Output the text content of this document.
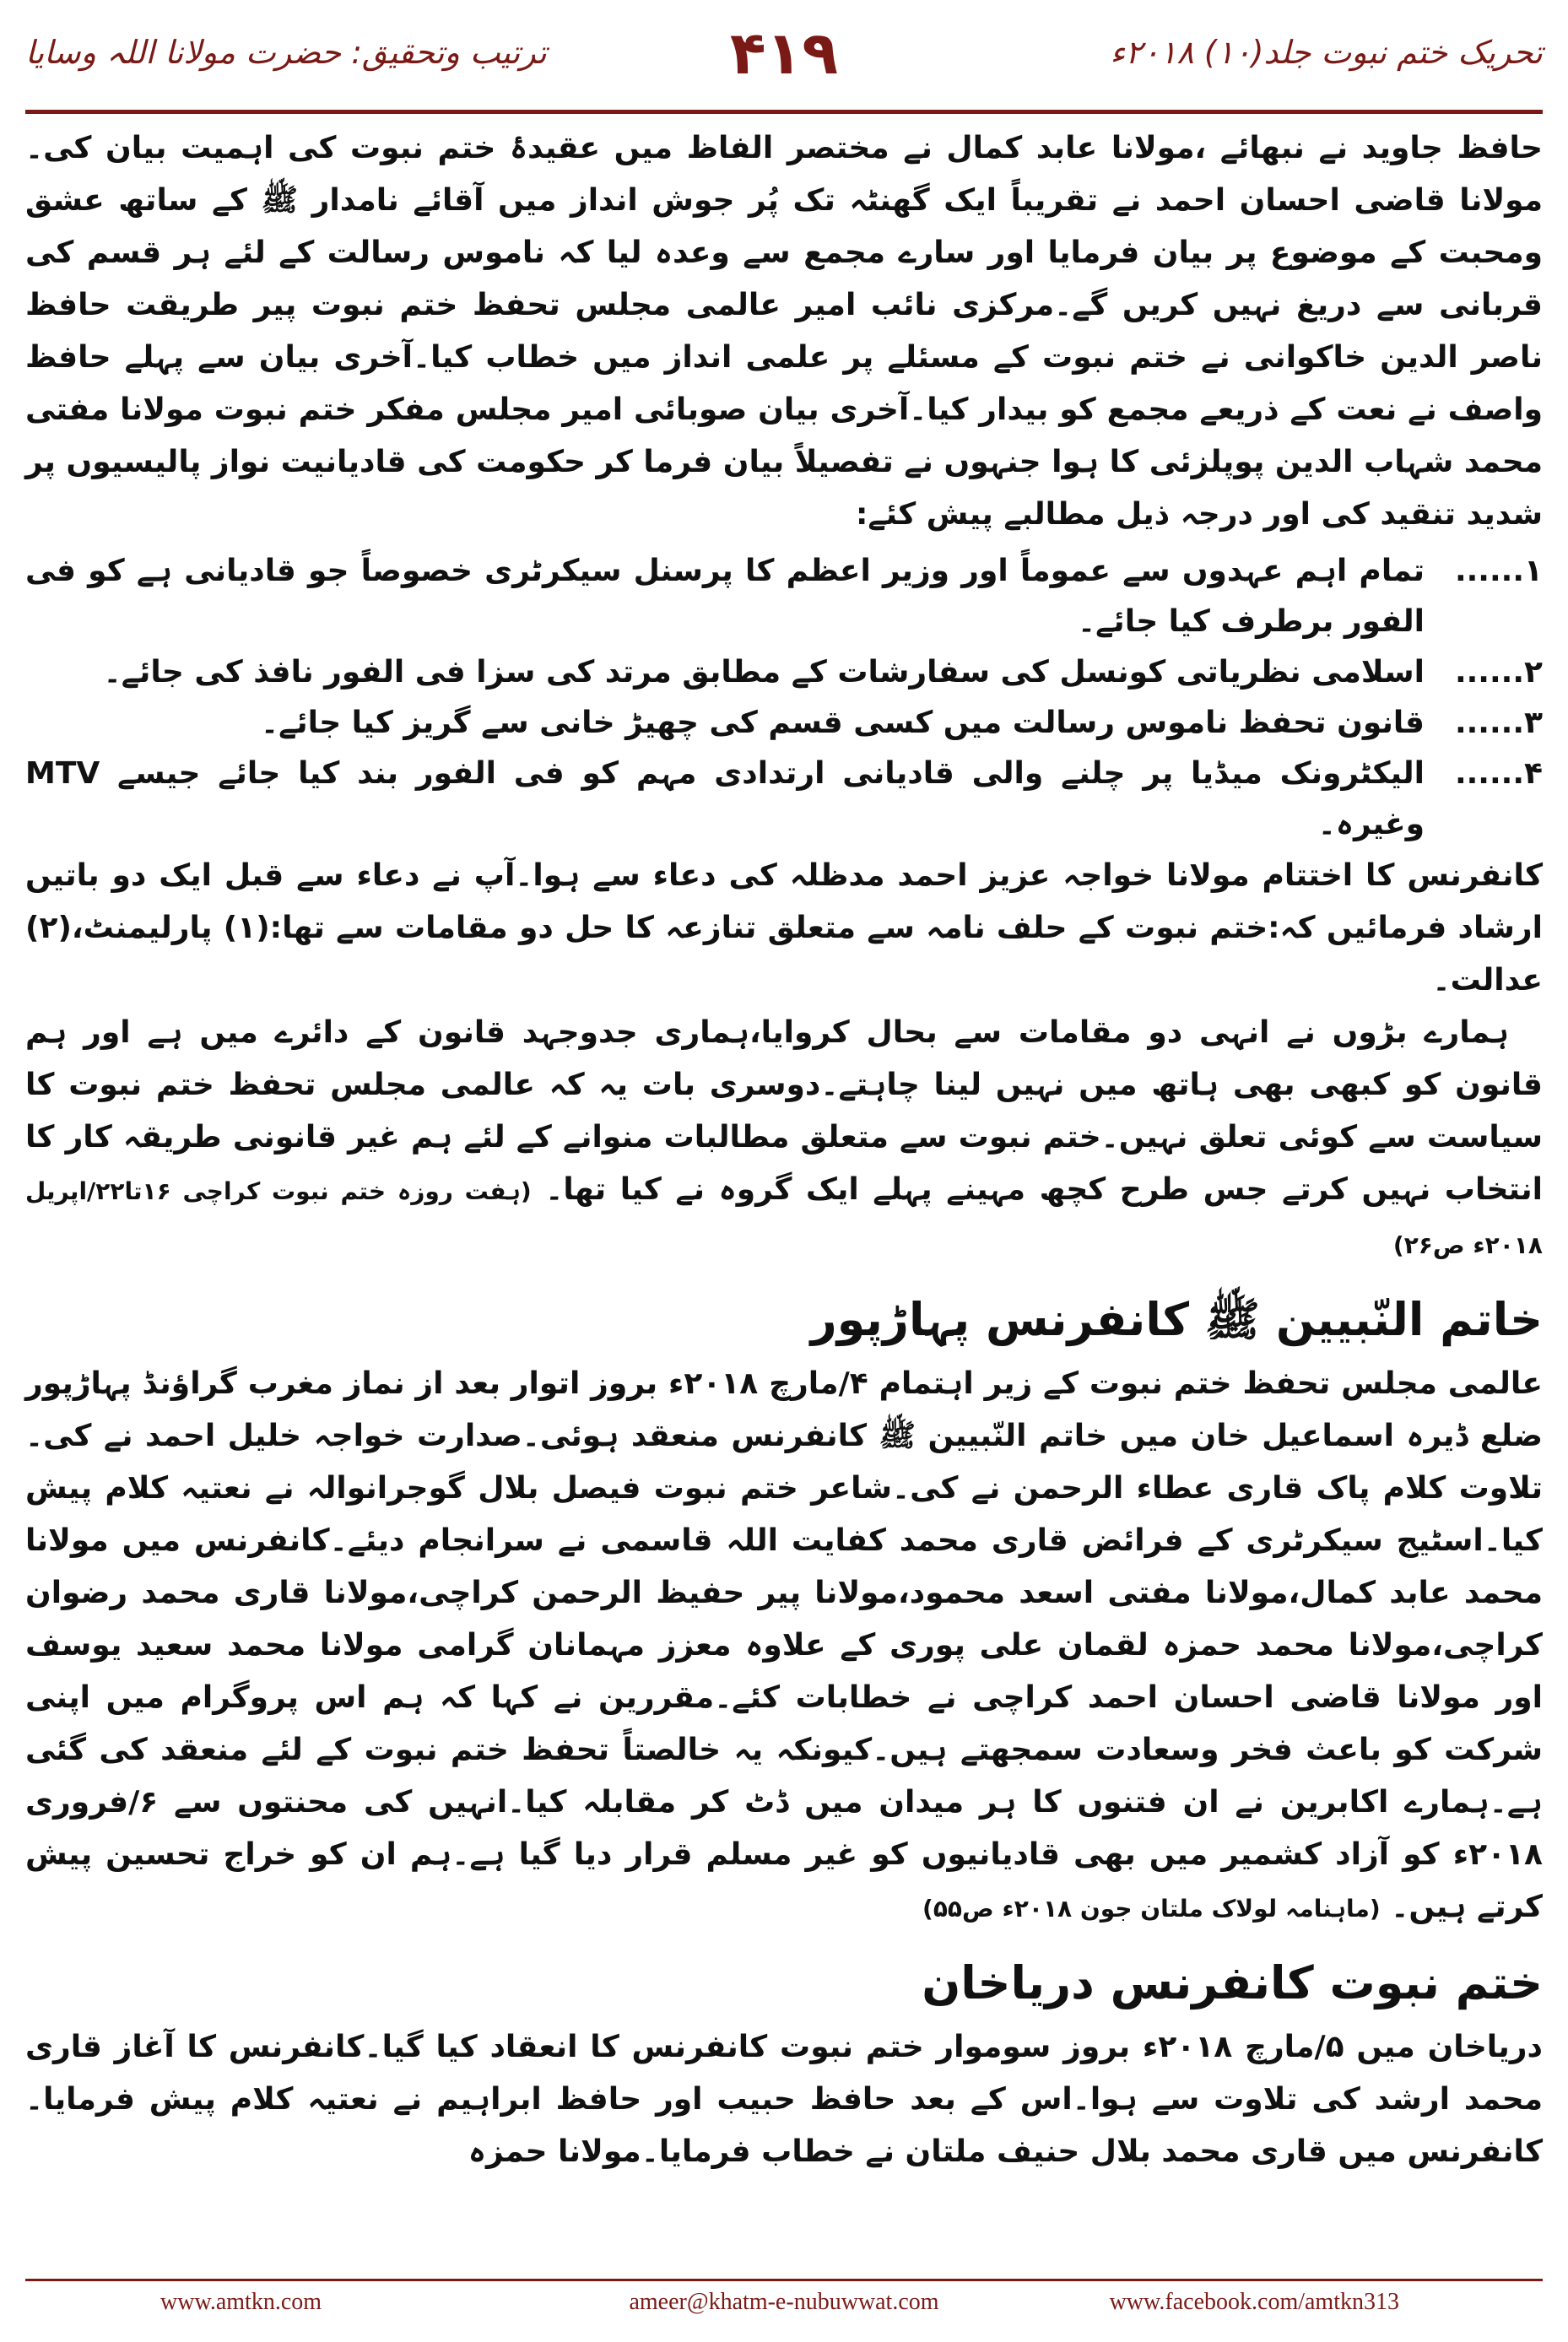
تحریک ختم نبوت جلد(۱۰) ۲۰۱۸ء
۴۱۹
ترتیب وتحقیق: حضرت مولانا اللہ وسایا

حافظ جاوید نے نبھائے ،مولانا عابد کمال نے مختصر الفاظ میں عقیدۂ ختم نبوت کی اہمیت بیان کی۔مولانا قاضی احسان احمد نے تقریباً ایک گھنٹہ تک پُر جوش انداز میں آقائے نامدار ﷺ کے ساتھ عشق ومحبت کے موضوع پر بیان فرمایا اور سارے مجمع سے وعدہ لیا کہ ناموس رسالت کے لئے ہر قسم کی قربانی سے دریغ نہیں کریں گے۔مرکزی نائب امیر عالمی مجلس تحفظ ختم نبوت پیر طریقت حافظ ناصر الدین خاکوانی نے ختم نبوت کے مسئلے پر علمی انداز میں خطاب کیا۔آخری بیان سے پہلے حافظ واصف نے نعت کے ذریعے مجمع کو بیدار کیا۔آخری بیان صوبائی امیر مجلس مفکر ختم نبوت مولانا مفتی محمد شہاب الدین پوپلزئی کا ہوا جنہوں نے تفصیلاً بیان فرما کر حکومت کی قادیانیت نواز پالیسیوں پر شدید تنقید کی اور درجہ ذیل مطالبے پیش کئے:

۱......
تمام اہم عہدوں سے عموماً اور وزیر اعظم کا پرسنل سیکرٹری خصوصاً جو قادیانی ہے کو فی الفور برطرف کیا جائے۔
۲......
اسلامی نظریاتی کونسل کی سفارشات کے مطابق مرتد کی سزا فی الفور نافذ کی جائے۔
۳......
قانون تحفظ ناموس رسالت میں کسی قسم کی چھیڑ خانی سے گریز کیا جائے۔
۴......
الیکٹرونک میڈیا پر چلنے والی قادیانی ارتدادی مہم کو فی الفور بند کیا جائے جیسے MTV وغیرہ۔

کانفرنس کا اختتام مولانا خواجہ عزیز احمد مدظلہ کی دعاء سے ہوا۔آپ نے دعاء سے قبل ایک دو باتیں ارشاد فرمائیں کہ:ختم نبوت کے حلف نامہ سے متعلق تنازعہ کا حل دو مقامات سے تھا:(۱) پارلیمنٹ،(۲) عدالت۔

ہمارے بڑوں نے انہی دو مقامات سے بحال کروایا،ہماری جدوجہد قانون کے دائرے میں ہے اور ہم قانون کو کبھی بھی ہاتھ میں نہیں لینا چاہتے۔دوسری بات یہ کہ عالمی مجلس تحفظ ختم نبوت کا سیاست سے کوئی تعلق نہیں۔ختم نبوت سے متعلق مطالبات منوانے کے لئے ہم غیر قانونی طریقہ کار کا انتخاب نہیں کرتے جس طرح کچھ مہینے پہلے ایک گروہ نے کیا تھا۔ (ہفت روزہ ختم نبوت کراچی ۱۶تا۲۲/اپریل ۲۰۱۸ء ص۲۶)

خاتم النّبیین ﷺ کانفرنس پہاڑپور

عالمی مجلس تحفظ ختم نبوت کے زیر اہتمام ۴/مارچ ۲۰۱۸ء بروز اتوار بعد از نماز مغرب گراؤنڈ پہاڑپور ضلع ڈیرہ اسماعیل خان میں خاتم النّبیین ﷺ کانفرنس منعقد ہوئی۔صدارت خواجہ خلیل احمد نے کی۔تلاوت کلام پاک قاری عطاء الرحمن نے کی۔شاعر ختم نبوت فیصل بلال گوجرانوالہ نے نعتیہ کلام پیش کیا۔اسٹیج سیکرٹری کے فرائض قاری محمد کفایت اللہ قاسمی نے سرانجام دیئے۔کانفرنس میں مولانا محمد عابد کمال،مولانا مفتی اسعد محمود،مولانا پیر حفیظ الرحمن کراچی،مولانا قاری محمد رضوان کراچی،مولانا محمد حمزہ لقمان علی پوری کے علاوہ معزز مہمانان گرامی مولانا محمد سعید یوسف اور مولانا قاضی احسان احمد کراچی نے خطابات کئے۔مقررین نے کہا کہ ہم اس پروگرام میں اپنی شرکت کو باعث فخر وسعادت سمجھتے ہیں۔کیونکہ یہ خالصتاً تحفظ ختم نبوت کے لئے منعقد کی گئی ہے۔ہمارے اکابرین نے ان فتنوں کا ہر میدان میں ڈٹ کر مقابلہ کیا۔انہیں کی محنتوں سے ۶/فروری ۲۰۱۸ء کو آزاد کشمیر میں بھی قادیانیوں کو غیر مسلم قرار دیا گیا ہے۔ہم ان کو خراج تحسین پیش کرتے ہیں۔ (ماہنامہ لولاک ملتان جون ۲۰۱۸ء ص۵۵)

ختم نبوت کانفرنس دریاخان

دریاخان میں ۵/مارچ ۲۰۱۸ء بروز سوموار ختم نبوت کانفرنس کا انعقاد کیا گیا۔کانفرنس کا آغاز قاری محمد ارشد کی تلاوت سے ہوا۔اس کے بعد حافظ حبیب اور حافظ ابراہیم نے نعتیہ کلام پیش فرمایا۔کانفرنس میں قاری محمد بلال حنیف ملتان نے خطاب فرمایا۔مولانا حمزہ

www.amtkn.com	ameer@khatm-e-nubuwwat.com	www.facebook.com/amtkn313
